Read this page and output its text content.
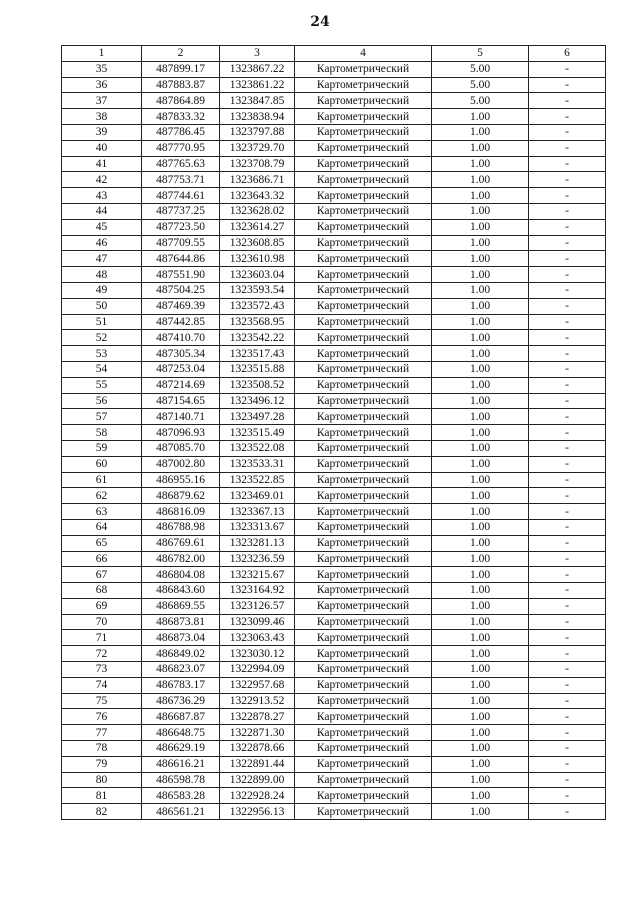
24
1	2	3	4	5	6
35	487899.17	1323867.22	Картометрический	5.00	-
36	487883.87	1323861.22	Картометрический	5.00	-
37	487864.89	1323847.85	Картометрический	5.00	-
38	487833.32	1323838.94	Картометрический	1.00	-
39	487786.45	1323797.88	Картометрический	1.00	-
40	487770.95	1323729.70	Картометрический	1.00	-
41	487765.63	1323708.79	Картометрический	1.00	-
42	487753.71	1323686.71	Картометрический	1.00	-
43	487744.61	1323643.32	Картометрический	1.00	-
44	487737.25	1323628.02	Картометрический	1.00	-
45	487723.50	1323614.27	Картометрический	1.00	-
46	487709.55	1323608.85	Картометрический	1.00	-
47	487644.86	1323610.98	Картометрический	1.00	-
48	487551.90	1323603.04	Картометрический	1.00	-
49	487504.25	1323593.54	Картометрический	1.00	-
50	487469.39	1323572.43	Картометрический	1.00	-
51	487442.85	1323568.95	Картометрический	1.00	-
52	487410.70	1323542.22	Картометрический	1.00	-
53	487305.34	1323517.43	Картометрический	1.00	-
54	487253.04	1323515.88	Картометрический	1.00	-
55	487214.69	1323508.52	Картометрический	1.00	-
56	487154.65	1323496.12	Картометрический	1.00	-
57	487140.71	1323497.28	Картометрический	1.00	-
58	487096.93	1323515.49	Картометрический	1.00	-
59	487085.70	1323522.08	Картометрический	1.00	-
60	487002.80	1323533.31	Картометрический	1.00	-
61	486955.16	1323522.85	Картометрический	1.00	-
62	486879.62	1323469.01	Картометрический	1.00	-
63	486816.09	1323367.13	Картометрический	1.00	-
64	486788.98	1323313.67	Картометрический	1.00	-
65	486769.61	1323281.13	Картометрический	1.00	-
66	486782.00	1323236.59	Картометрический	1.00	-
67	486804.08	1323215.67	Картометрический	1.00	-
68	486843.60	1323164.92	Картометрический	1.00	-
69	486869.55	1323126.57	Картометрический	1.00	-
70	486873.81	1323099.46	Картометрический	1.00	-
71	486873.04	1323063.43	Картометрический	1.00	-
72	486849.02	1323030.12	Картометрический	1.00	-
73	486823.07	1322994.09	Картометрический	1.00	-
74	486783.17	1322957.68	Картометрический	1.00	-
75	486736.29	1322913.52	Картометрический	1.00	-
76	486687.87	1322878.27	Картометрический	1.00	-
77	486648.75	1322871.30	Картометрический	1.00	-
78	486629.19	1322878.66	Картометрический	1.00	-
79	486616.21	1322891.44	Картометрический	1.00	-
80	486598.78	1322899.00	Картометрический	1.00	-
81	486583.28	1322928.24	Картометрический	1.00	-
82	486561.21	1322956.13	Картометрический	1.00	-
